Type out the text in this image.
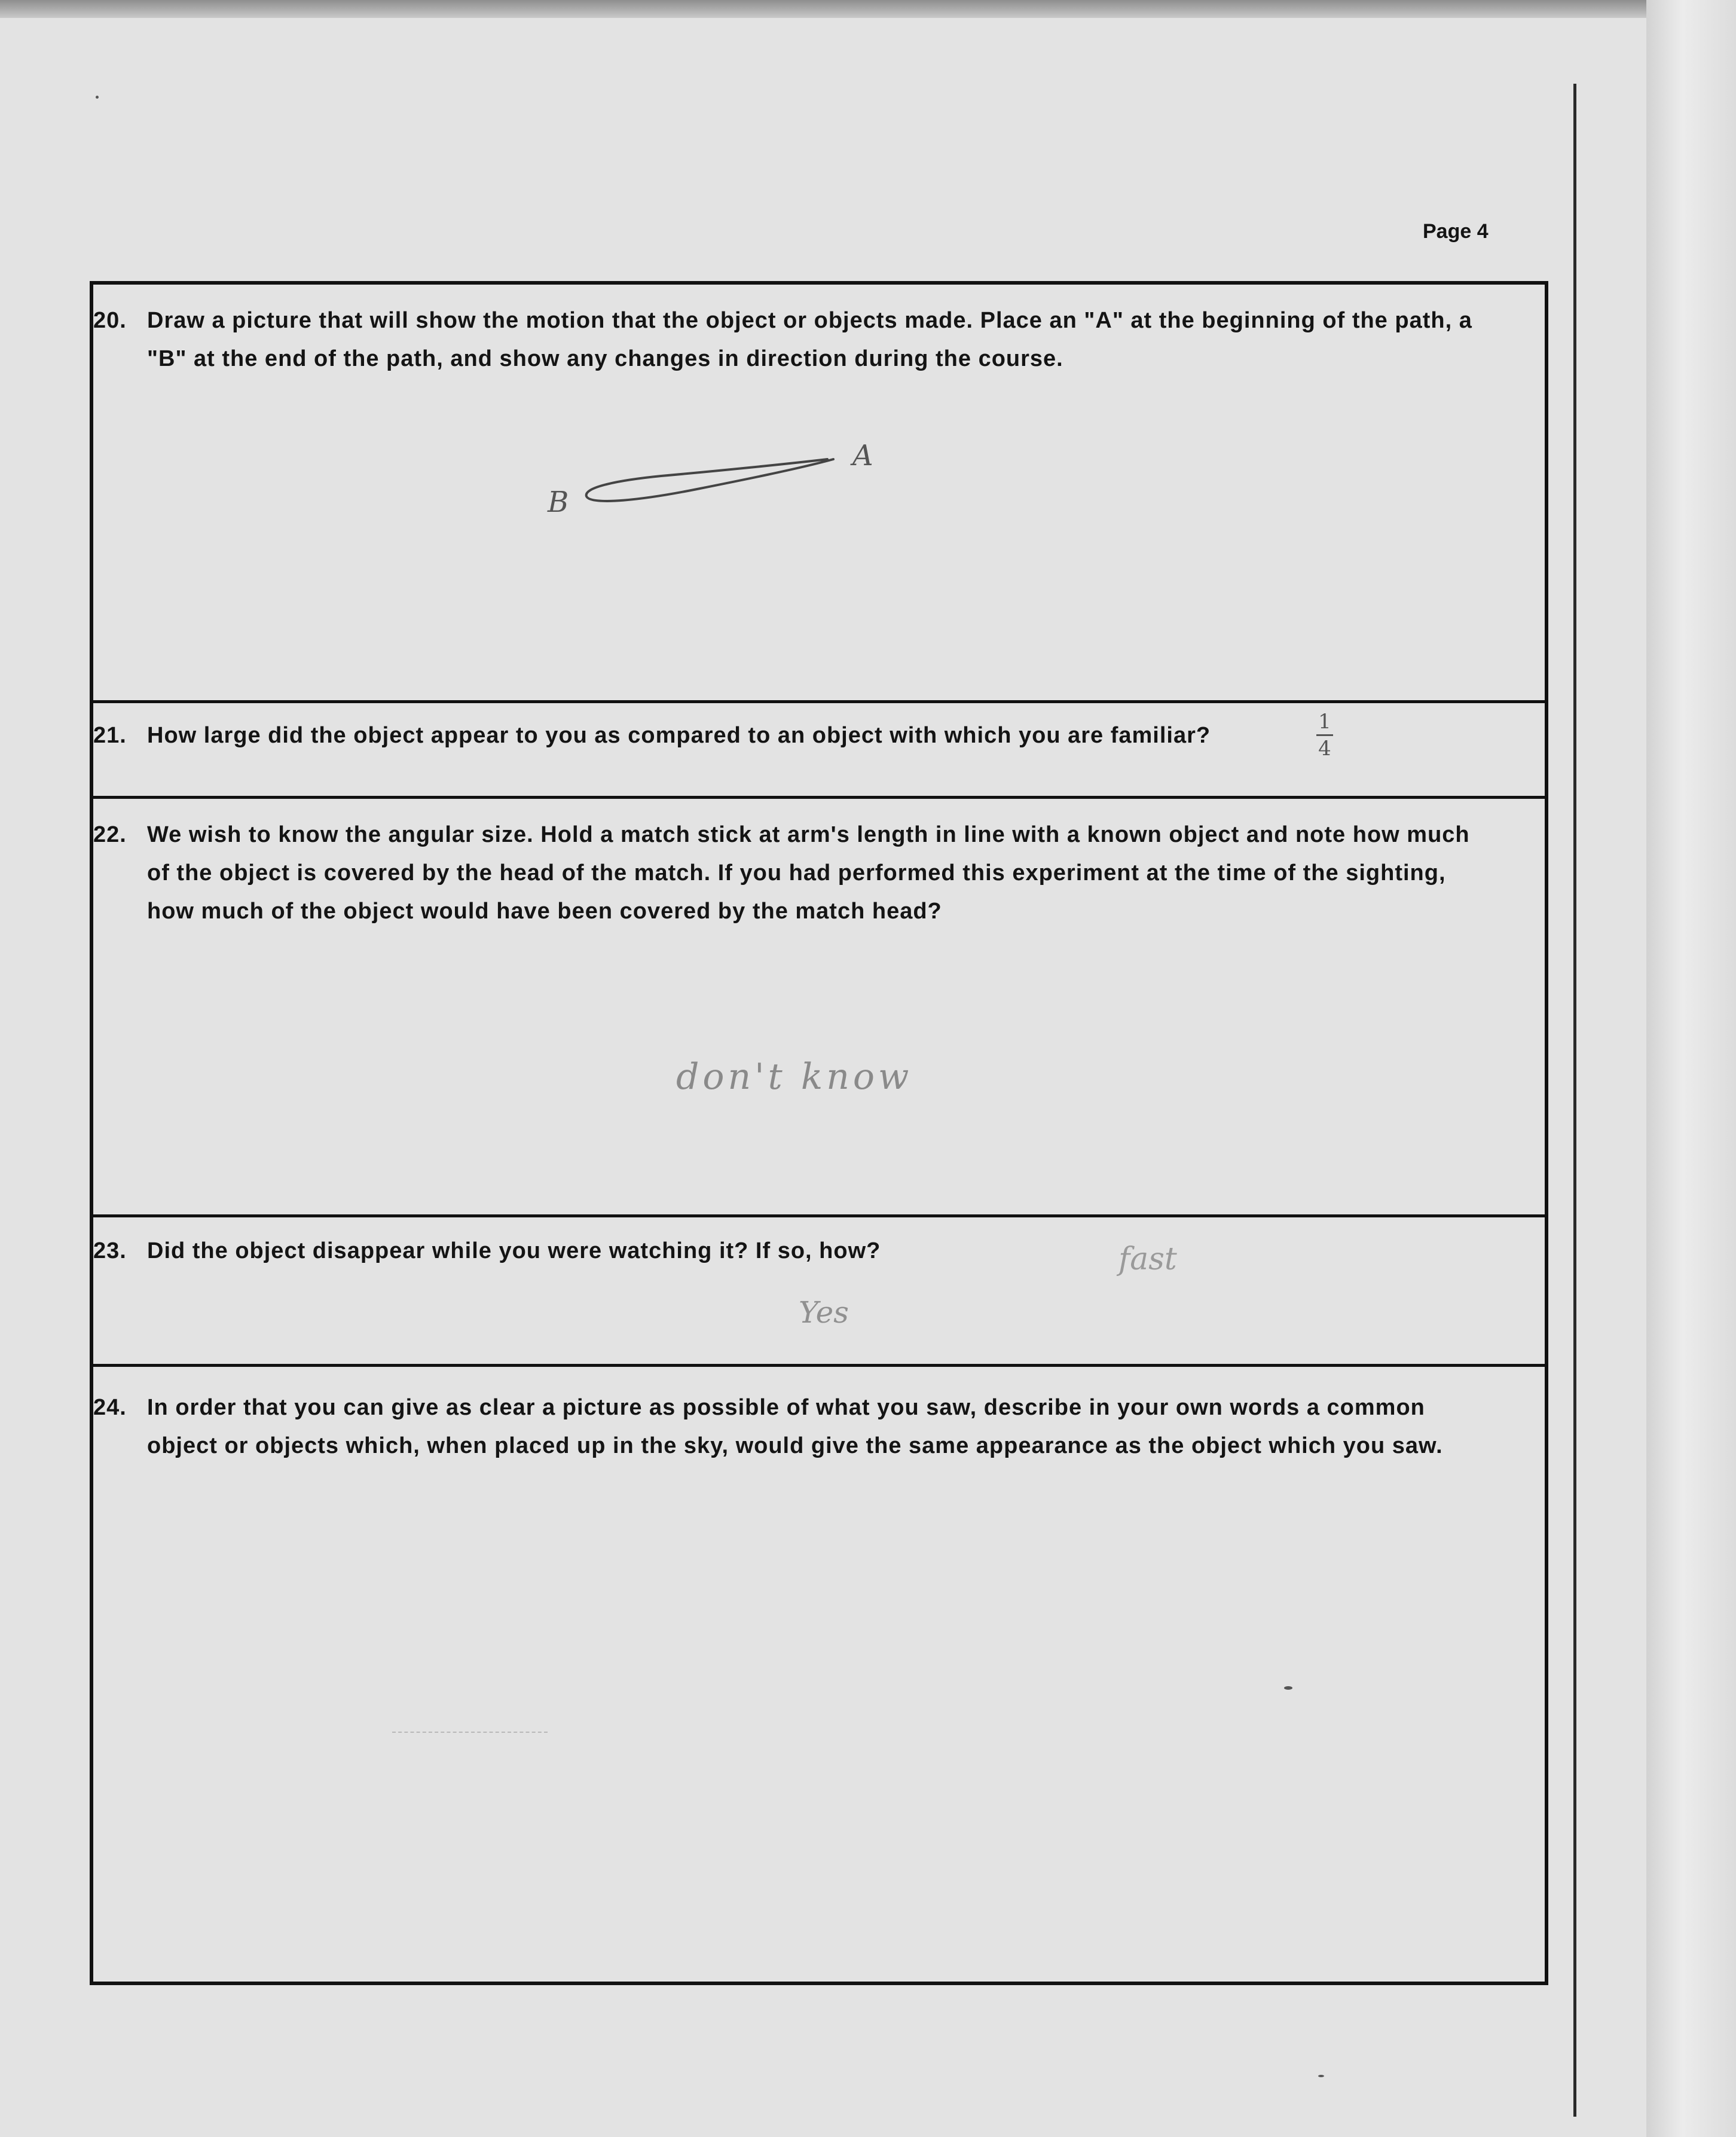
Page 4
20. Draw a picture that will show the motion that the object or objects made. Place an "A" at the beginning of the path, a "B" at the end of the path, and show any changes in direction during the course.
A
B
21. How large did the object appear to you as compared to an object with which you are familiar?
1
4
22. We wish to know the angular size. Hold a match stick at arm's length in line with a known object and note how much of the object is covered by the head of the match. If you had performed this experiment at the time of the sighting, how much of the object would have been covered by the match head?
don't know
23. Did the object disappear while you were watching it? If so, how?
Yes
fast
24. In order that you can give as clear a picture as possible of what you saw, describe in your own words a common object or objects which, when placed up in the sky, would give the same appearance as the object which you saw.
